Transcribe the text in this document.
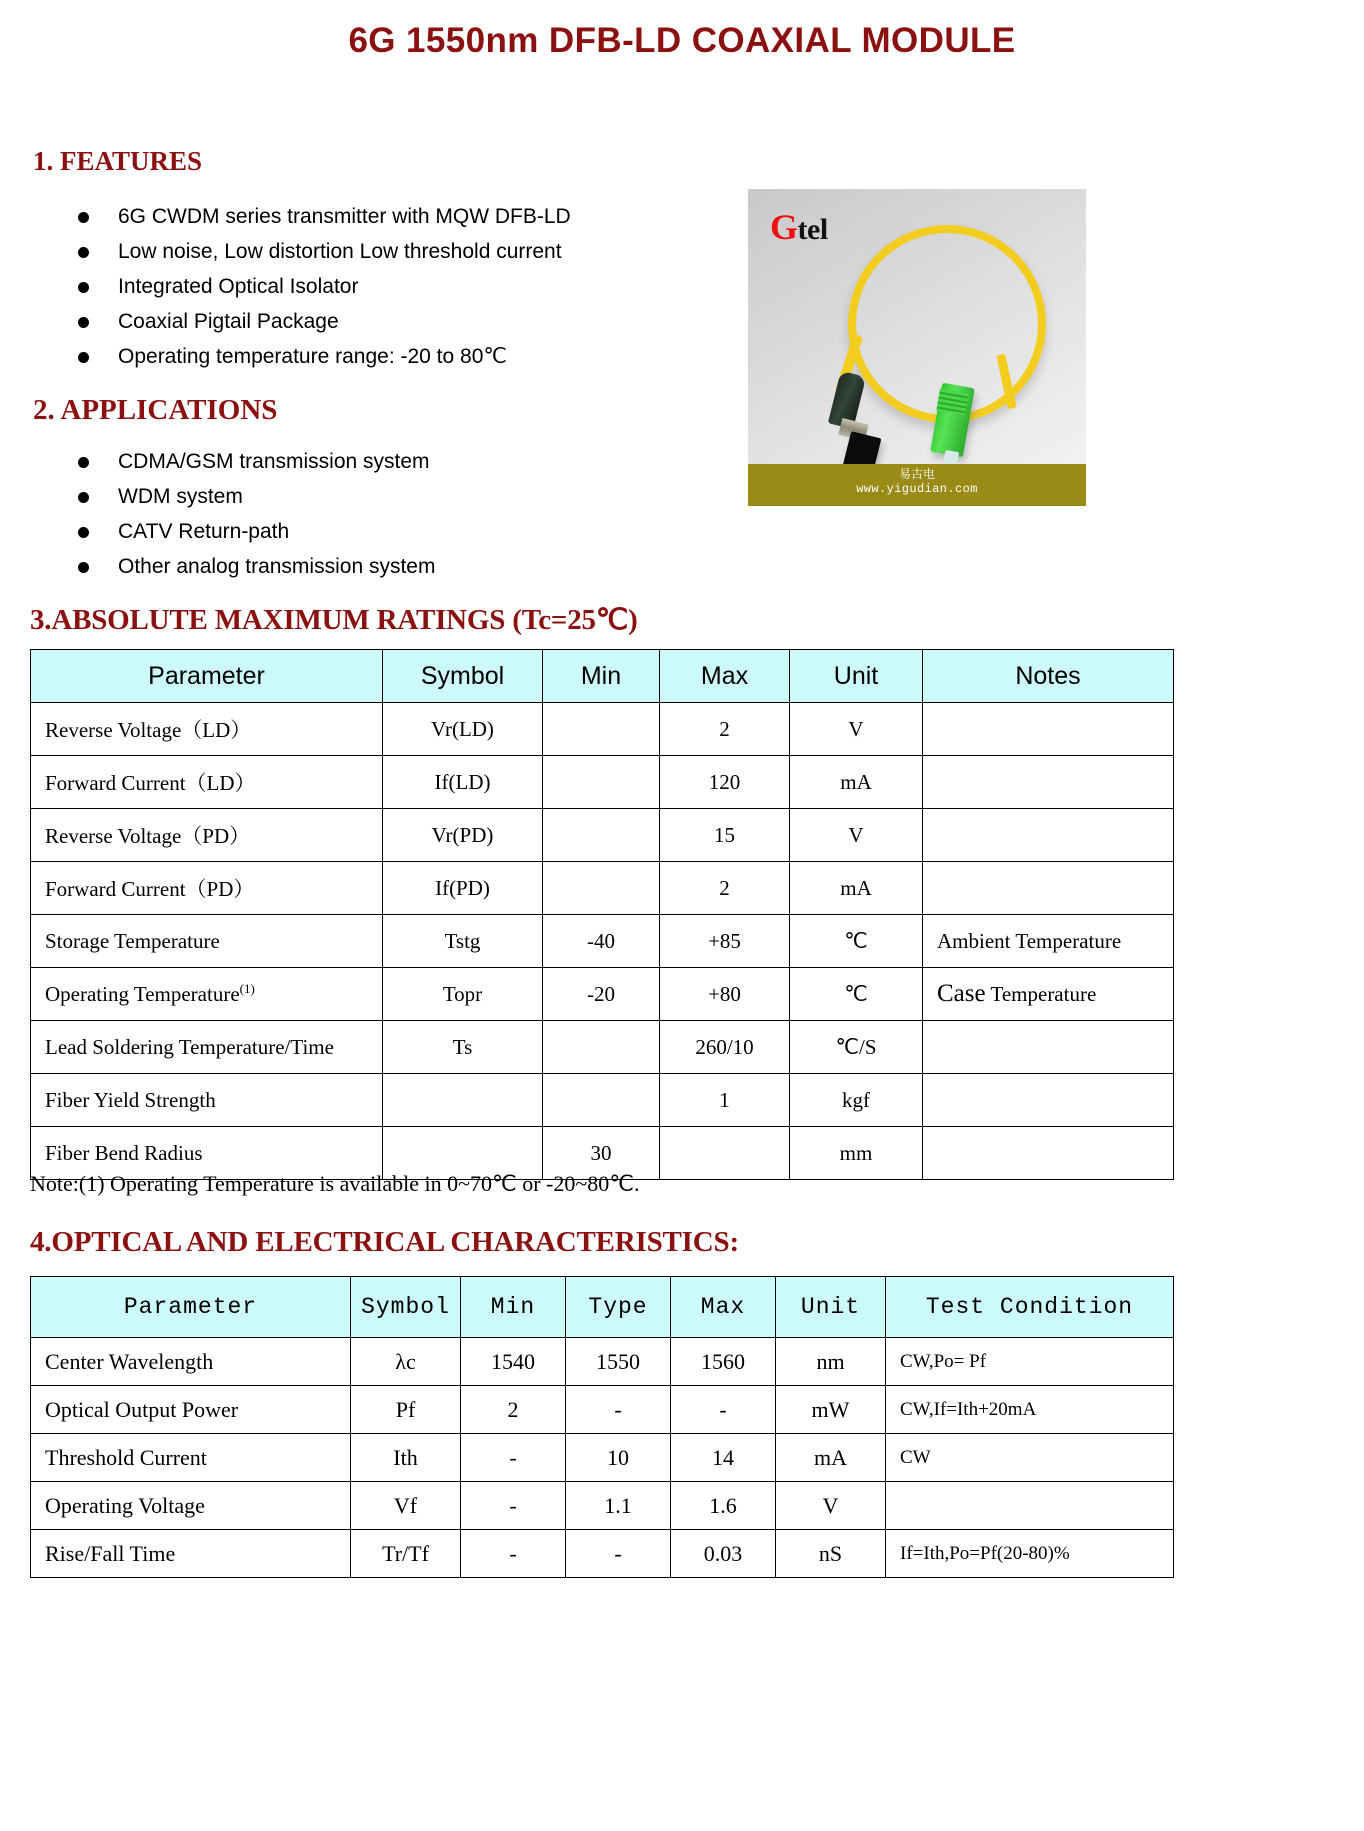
6G 1550nm DFB-LD COAXIAL MODULE
1. FEATURES
6G CWDM series transmitter with MQW DFB-LD
Low noise, Low distortion Low threshold current
Integrated Optical Isolator
Coaxial Pigtail Package
Operating temperature range: -20 to 80℃
2. APPLICATIONS
CDMA/GSM transmission system
WDM system
CATV Return-path
Other analog transmission system
Gtel
易古电
www.yigudian.com
3.ABSOLUTE MAXIMUM RATINGS (Tc=25℃)
Parameter	Symbol	Min	Max	Unit	Notes
Reverse Voltage（LD）	Vr(LD)		2	V	
Forward Current（LD）	If(LD)		120	mA	
Reverse Voltage（PD）	Vr(PD)		15	V	
Forward Current（PD）	If(PD)		2	mA	
Storage Temperature	Tstg	-40	+85	℃	Ambient Temperature
Operating Temperature$^{(1)}$	Topr	-20	+80	℃	Case Temperature
Lead Soldering Temperature/Time	Ts		260/10	℃/S	
Fiber Yield Strength			1	kgf	
Fiber Bend Radius		30		mm	
Note:(1) Operating Temperature is available in 0~70℃ or -20~80℃.
4.OPTICAL AND ELECTRICAL CHARACTERISTICS:
Parameter	Symbol	Min	Type	Max	Unit	Test Condition
Center Wavelength	λc	1540	1550	1560	nm	CW,Po= Pf
Optical Output Power	Pf	2	-	-	mW	CW,If=Ith+20mA
Threshold Current	Ith	-	10	14	mA	CW
Operating Voltage	Vf	-	1.1	1.6	V	
Rise/Fall Time	Tr/Tf	-	-	0.03	nS	If=Ith,Po=Pf(20-80)%
